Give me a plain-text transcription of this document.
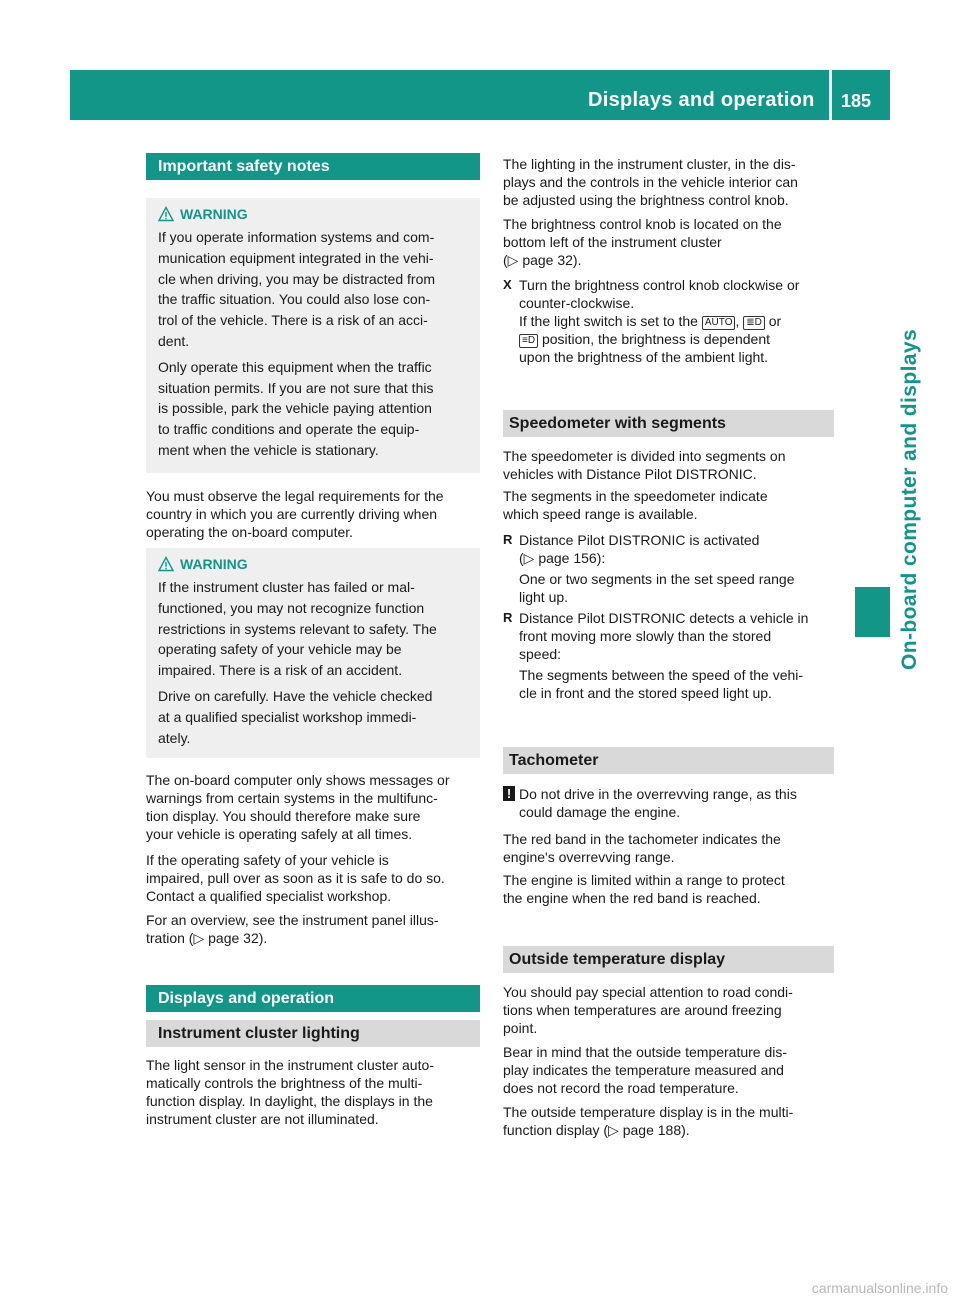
Displays and operation 185
On-board computer and displays
Important safety notes
WARNING
If you operate information systems and com-
munication equipment integrated in the vehi-
cle when driving, you may be distracted from
the traffic situation. You could also lose con-
trol of the vehicle. There is a risk of an acci-
dent.
Only operate this equipment when the traffic
situation permits. If you are not sure that this
is possible, park the vehicle paying attention
to traffic conditions and operate the equip-
ment when the vehicle is stationary.
You must observe the legal requirements for the
country in which you are currently driving when
operating the on-board computer.
WARNING
If the instrument cluster has failed or mal-
functioned, you may not recognize function
restrictions in systems relevant to safety. The
operating safety of your vehicle may be
impaired. There is a risk of an accident.
Drive on carefully. Have the vehicle checked
at a qualified specialist workshop immedi-
ately.
The on-board computer only shows messages or
warnings from certain systems in the multifunc-
tion display. You should therefore make sure
your vehicle is operating safely at all times.
If the operating safety of your vehicle is
impaired, pull over as soon as it is safe to do so.
Contact a qualified specialist workshop.
For an overview, see the instrument panel illus-
tration (▷ page 32).
Displays and operation
Instrument cluster lighting
The light sensor in the instrument cluster auto-
matically controls the brightness of the multi-
function display. In daylight, the displays in the
instrument cluster are not illuminated.
The lighting in the instrument cluster, in the dis-
plays and the controls in the vehicle interior can
be adjusted using the brightness control knob.
The brightness control knob is located on the
bottom left of the instrument cluster
(▷ page 32).
X Turn the brightness control knob clockwise or
counter-clockwise.
If the light switch is set to the AUTO , ≣D or
≡D position, the brightness is dependent
upon the brightness of the ambient light.
Speedometer with segments
The speedometer is divided into segments on
vehicles with Distance Pilot DISTRONIC.
The segments in the speedometer indicate
which speed range is available.
R Distance Pilot DISTRONIC is activated
(▷ page 156):
One or two segments in the set speed range
light up.
R Distance Pilot DISTRONIC detects a vehicle in
front moving more slowly than the stored
speed:
The segments between the speed of the vehi-
cle in front and the stored speed light up.
Tachometer
! Do not drive in the overrevving range, as this
could damage the engine.
The red band in the tachometer indicates the
engine's overrevving range.
The engine is limited within a range to protect
the engine when the red band is reached.
Outside temperature display
You should pay special attention to road condi-
tions when temperatures are around freezing
point.
Bear in mind that the outside temperature dis-
play indicates the temperature measured and
does not record the road temperature.
The outside temperature display is in the multi-
function display (▷ page 188).
carmanualsonline.info
